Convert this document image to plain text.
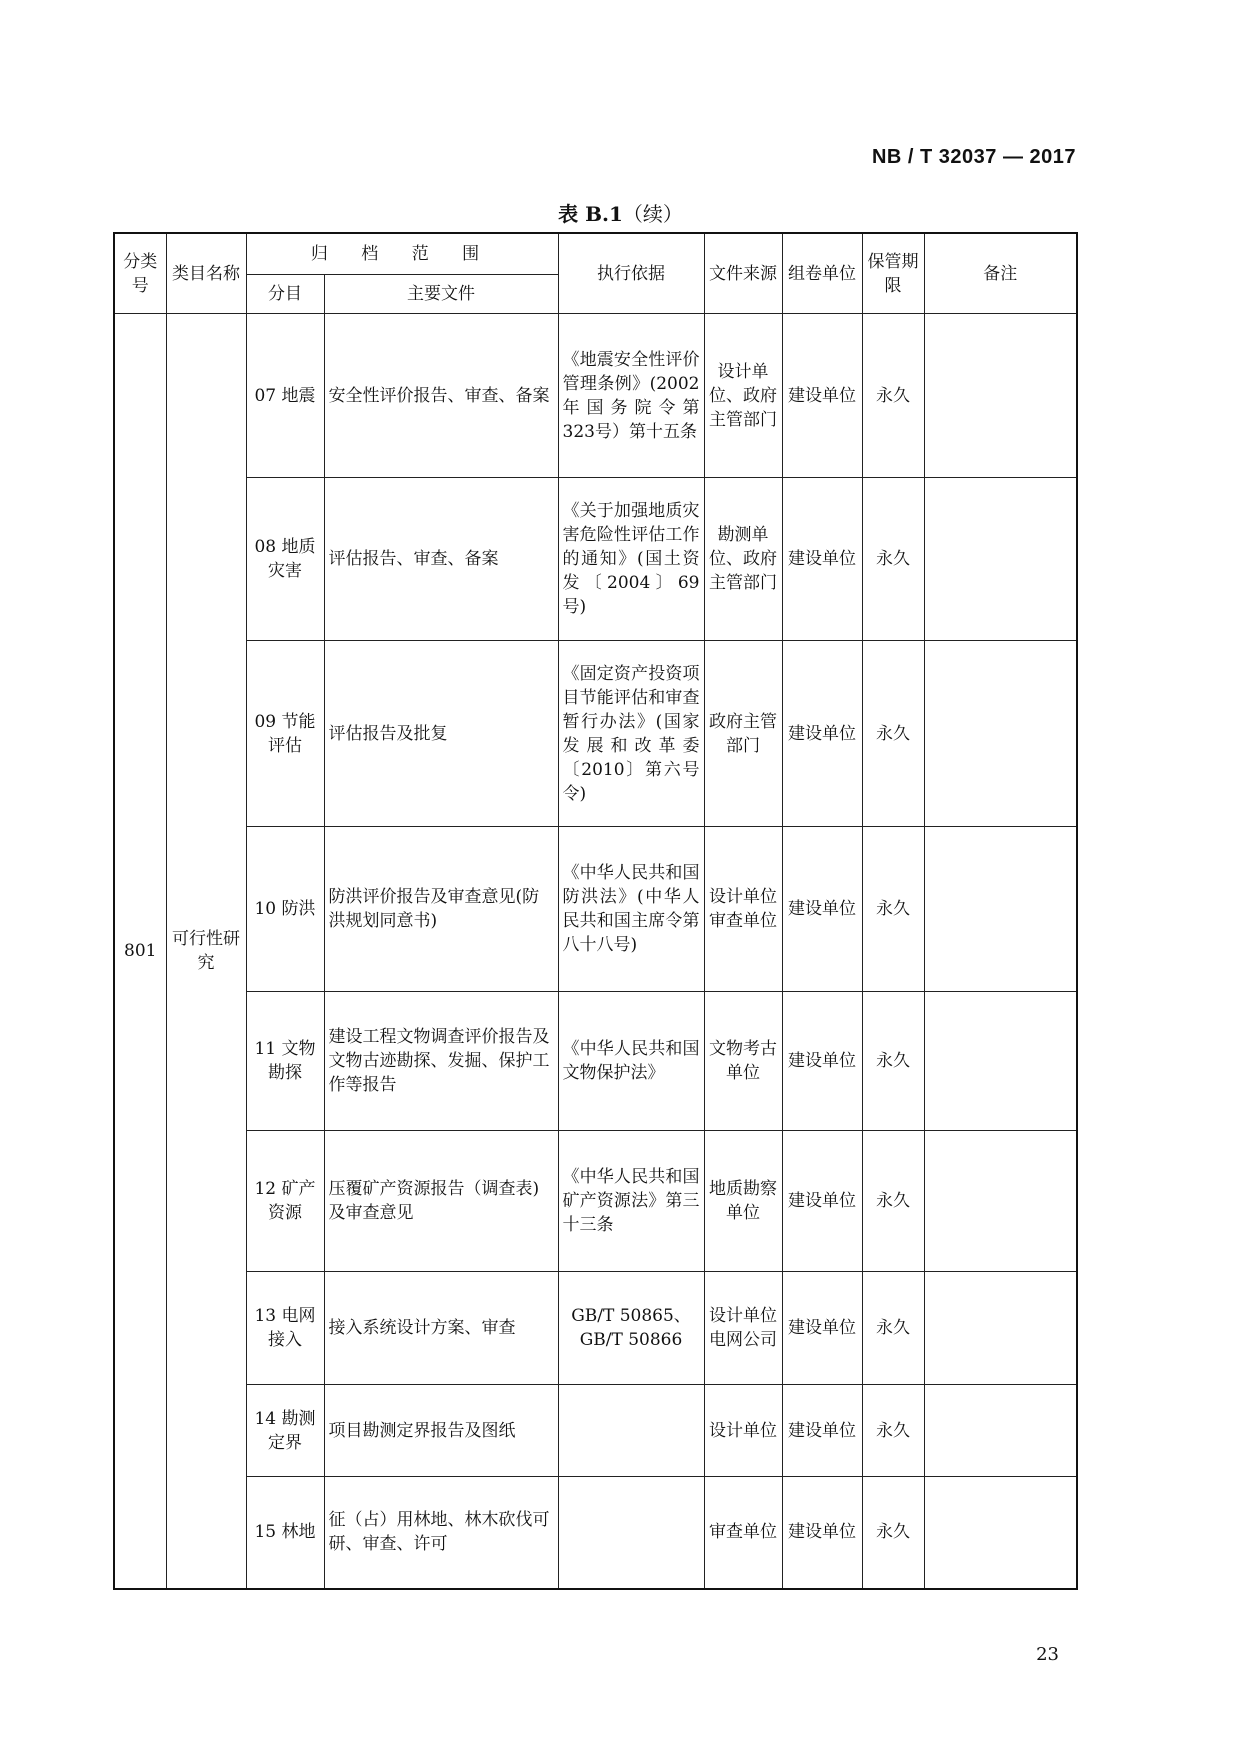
NB / T 32037 — 2017
表 B.1（续）
分类号	类目名称	归 档 范 围		执行依据	文件来源	组卷单位	保管期限	备注
		分目	主要文件					
801	可行性研究	07 地震	安全性评价报告、审查、备案	《地震安全性评价管理条例》(2002年国务院令第 323号）第十五条	设计单位、政府主管部门	建设单位	永久	
		08 地质灾害	评估报告、审查、备案	《关于加强地质灾害危险性评估工作的通知》(国土资发〔2004〕69 号)	勘测单位、政府主管部门	建设单位	永久	
		09 节能评估	评估报告及批复	《固定资产投资项目节能评估和审查暂行办法》(国家发展和改革委〔2010〕第六号令)	政府主管部门	建设单位	永久	
		10 防洪	防洪评价报告及审查意见(防洪规划同意书)	《中华人民共和国防洪法》(中华人民共和国主席令第八十八号)	设计单位审查单位	建设单位	永久	
		11 文物勘探	建设工程文物调查评价报告及文物古迹勘探、发掘、保护工作等报告	《中华人民共和国文物保护法》	文物考古单位	建设单位	永久	
		12 矿产资源	压覆矿产资源报告（调查表)及审查意见	《中华人民共和国矿产资源法》第三十三条	地质勘察单位	建设单位	永久	
		13 电网接入	接入系统设计方案、审查	GB/T 50865、GB/T 50866	设计单位电网公司	建设单位	永久	
		14 勘测定界	项目勘测定界报告及图纸		设计单位	建设单位	永久	
		15 林地	征（占）用林地、林木砍伐可研、审查、许可		审查单位	建设单位	永久	
23
